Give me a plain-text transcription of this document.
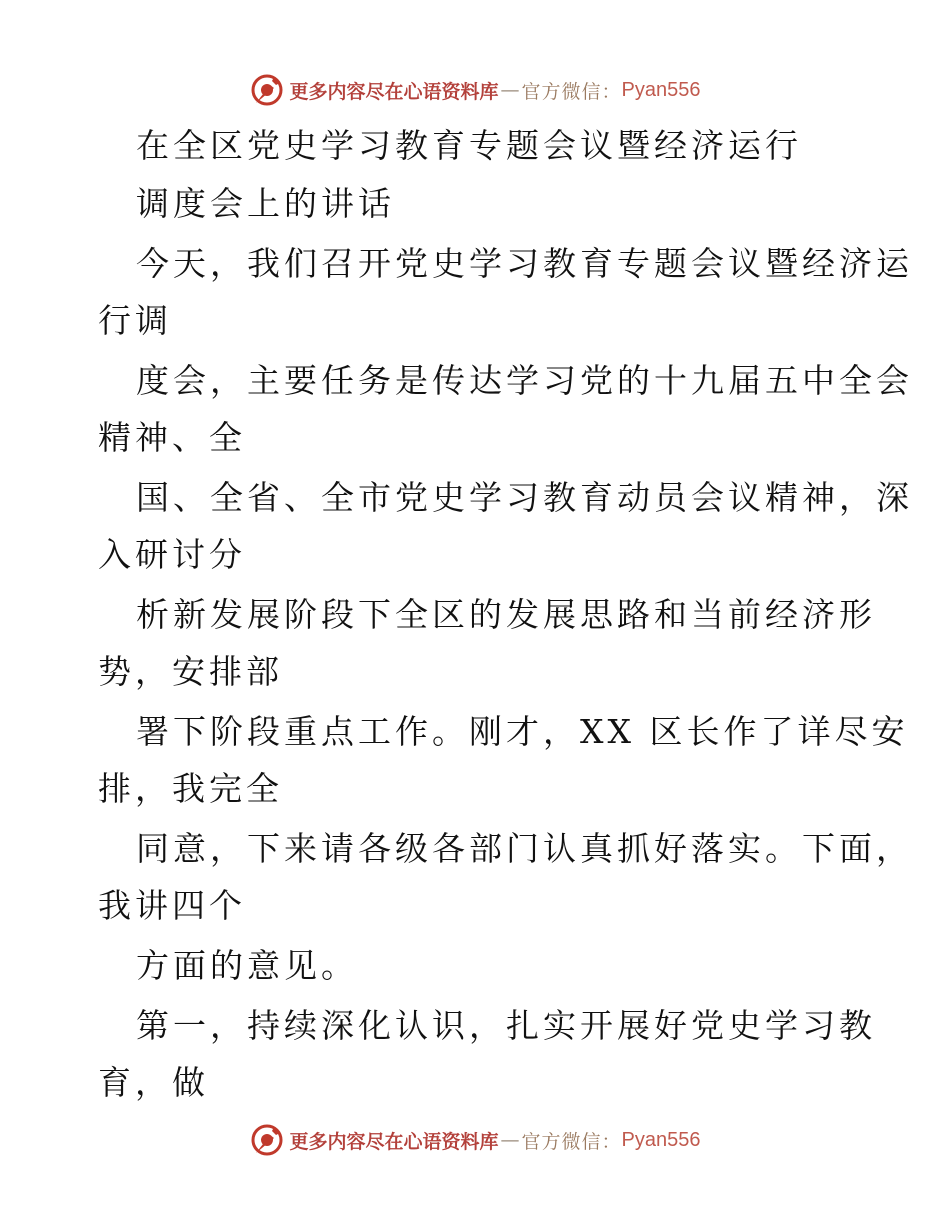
更多内容尽在心语资料库 — 官方微信： Pyan556
在全区党史学习教育专题会议暨经济运行
调度会上的讲话
今天，我们召开党史学习教育专题会议暨经济运
行调
度会，主要任务是传达学习党的十九届五中全会
精神、全
国、全省、全市党史学习教育动员会议精神，深
入研讨分
析新发展阶段下全区的发展思路和当前经济形
势，安排部
署下阶段重点工作。刚才，XX 区长作了详尽安
排，我完全
同意，下来请各级各部门认真抓好落实。下面，
我讲四个
方面的意见。
第一，持续深化认识，扎实开展好党史学习教
育，做
更多内容尽在心语资料库 — 官方微信： Pyan556
